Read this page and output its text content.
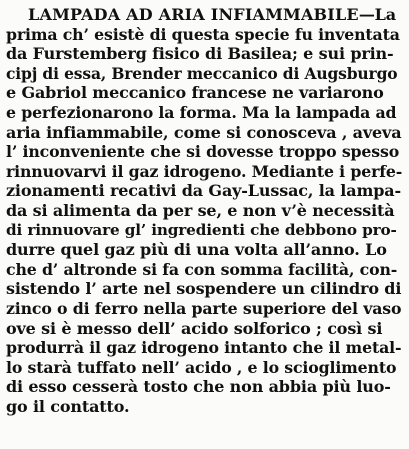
LAMPADA AD ARIA INFIAMMABILE—La
prima ch’ esistè di questa specie fu inventata
da Furstemberg fisico di Basilea; e sui prin-
cipj di essa, Brender meccanico di Augsburgo
e Gabriol meccanico francese ne variarono
e perfezionarono la forma. Ma la lampada ad
aria infiammabile, come si conosceva , aveva
l’ inconveniente che si dovesse troppo spesso
rinnuovarvi il gaz idrogeno. Mediante i perfe-
zionamenti recativi da Gay-Lussac, la lampa-
da si alimenta da per se, e non v’è necessità
di rinnuovare gl’ ingredienti che debbono pro-
durre quel gaz più di una volta all’anno. Lo
che d’ altronde si fa con somma facilità, con-
sistendo l’ arte nel sospendere un cilindro di
zinco o di ferro nella parte superiore del vaso
ove si è messo dell’ acido solforico ; così si
produrrà il gaz idrogeno intanto che il metal-
lo starà tuffato nell’ acido , e lo scioglimento
di esso cesserà tosto che non abbia più luo-
go il contatto.
